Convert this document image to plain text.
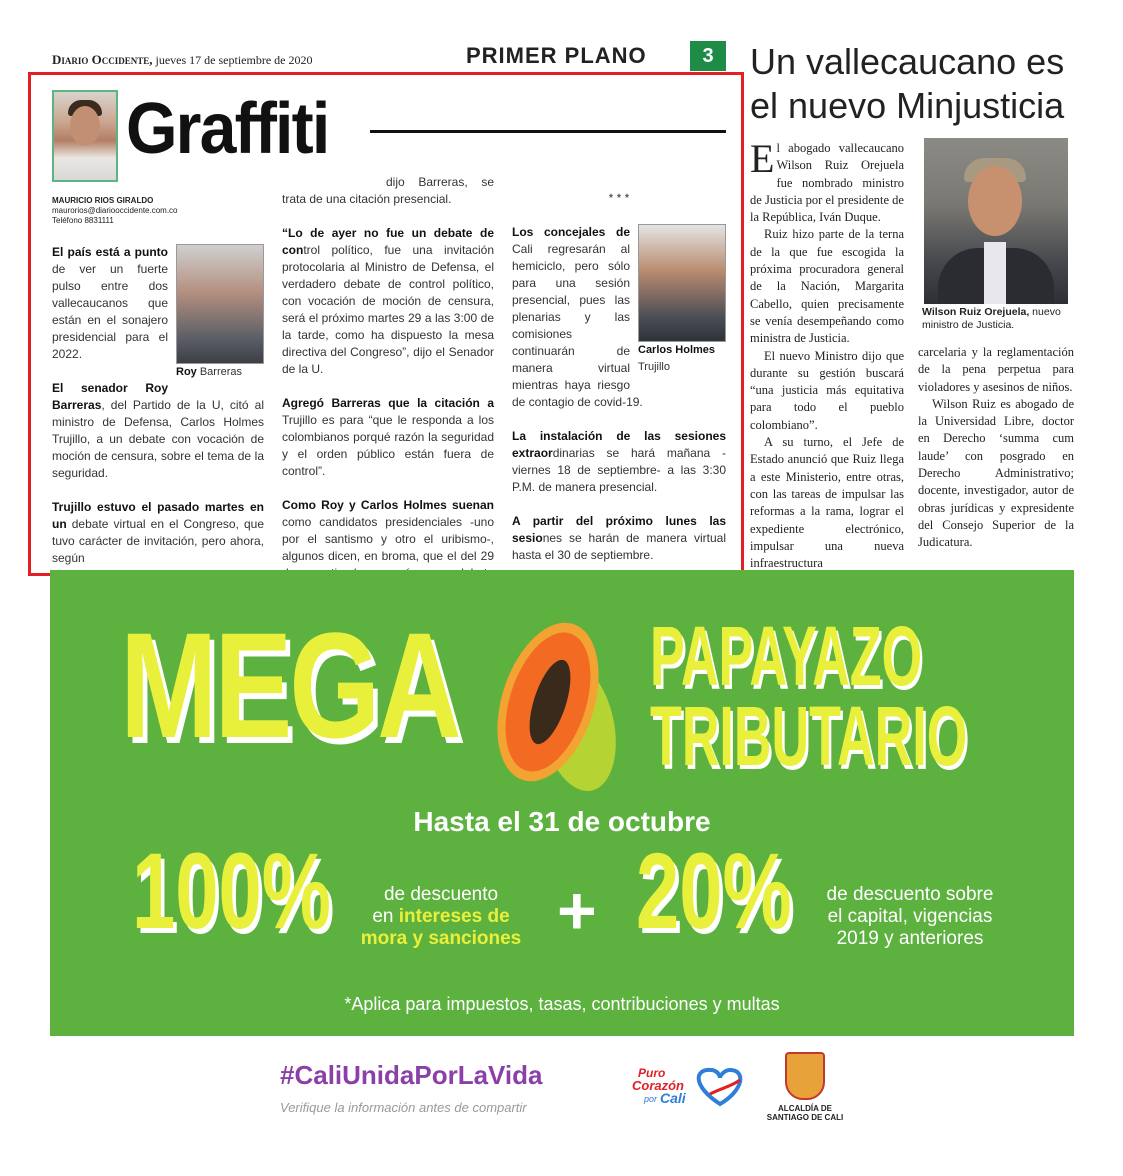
Diario Occidente, jueves 17 de septiembre de 2020	PRIMER PLANO	3
Graffiti
MAURICIO RIOS GIRALDO
maurorios@diariooccidente.com.co
Teléfono 8831111
Roy Barreras

El país está a punto de ver un fuerte pulso entre dos vallecaucanos que están en el sonajero presidencial para el 2022.

El senador Roy Barreras, del Partido de la U, citó al ministro de Defensa, Carlos Holmes Trujillo, a un debate con vocación de moción de censura, sobre el tema de la seguridad.

Trujillo estuvo el pasado martes en un debate virtual en el Congreso, que tuvo carácter de invitación, pero ahora, según

dijo Barreras, se trata de una citación presencial.

“Lo de ayer no fue un debate de control político, fue una invitación protocolaria al Ministro de Defensa, el verdadero debate de control político, con vocación de moción de censura, será el próximo martes 29 a las 3:00 de la tarde, como ha dispuesto la mesa directiva del Congreso”, dijo el Senador de la U.

Agregó Barreras que la citación a Trujillo es para “que le responda a los colombianos porqué razón la seguridad y el orden público están fuera de control”.

Como Roy y Carlos Holmes suenan como candidatos presidenciales -uno por el santismo y otro el uribismo-, algunos dicen, en broma, que el del 29

* * *
Carlos Holmes
Trujillo

Los concejales de Cali regresarán al hemiciclo, pero sólo para una sesión presencial, pues las plenarias y las comisiones continuarán de manera virtual mientras haya riesgo de contagio de covid-19.

La instalación de las sesiones extraordinarias se hará mañana -viernes 18 de septiembre- a las 3:30 P.M. de manera presencial.

A partir del próximo lunes las sesiones se harán de manera virtual hasta el 30 de septiembre.

Un vallecaucano es
el nuevo Minjusticia

El abogado vallecaucano Wilson Ruiz Orejuela fue nombrado ministro de Justicia por el presidente de la República, Iván Duque.

Ruiz hizo parte de la terna de la que fue escogida la próxima procuradora general de la Nación, Margarita Cabello, quien precisamente se venía desempeñando como ministra de Justicia.

El nuevo Ministro dijo que durante su gestión buscará “una justicia más equitativa para todo el pueblo colombiano”.

A su turno, el Jefe de Estado anunció que Ruiz llega a este Ministerio, entre otras, con las tareas de impulsar las reformas a la rama, lograr el expediente electrónico, impulsar una nueva infraestructura

Wilson Ruiz Orejuela, nuevo ministro de Justicia.

carcelaria y la reglamentación de la pena perpetua para violadores y asesinos de niños.

Wilson Ruiz es abogado de la Universidad Libre, doctor en Derecho ‘summa cum laude’ con posgrado en Derecho Administrativo; docente, investigador, autor de obras jurídicas y expresidente del Consejo Superior de la Judicatura.

MEGA PAPAYAZO
TRIBUTARIO
Hasta el 31 de octubre
100%	de descuento
en intereses de
mora y sanciones + 20%	de descuento sobre
el capital, vigencias
2019 y anteriores
*Aplica para impuestos, tasas, contribuciones y multas
#CaliUnidaPorLaVida
Verifique la información antes de compartir
Puro
Corazón
por Cali
ALCALDÍA DE
SANTIAGO DE CALI
